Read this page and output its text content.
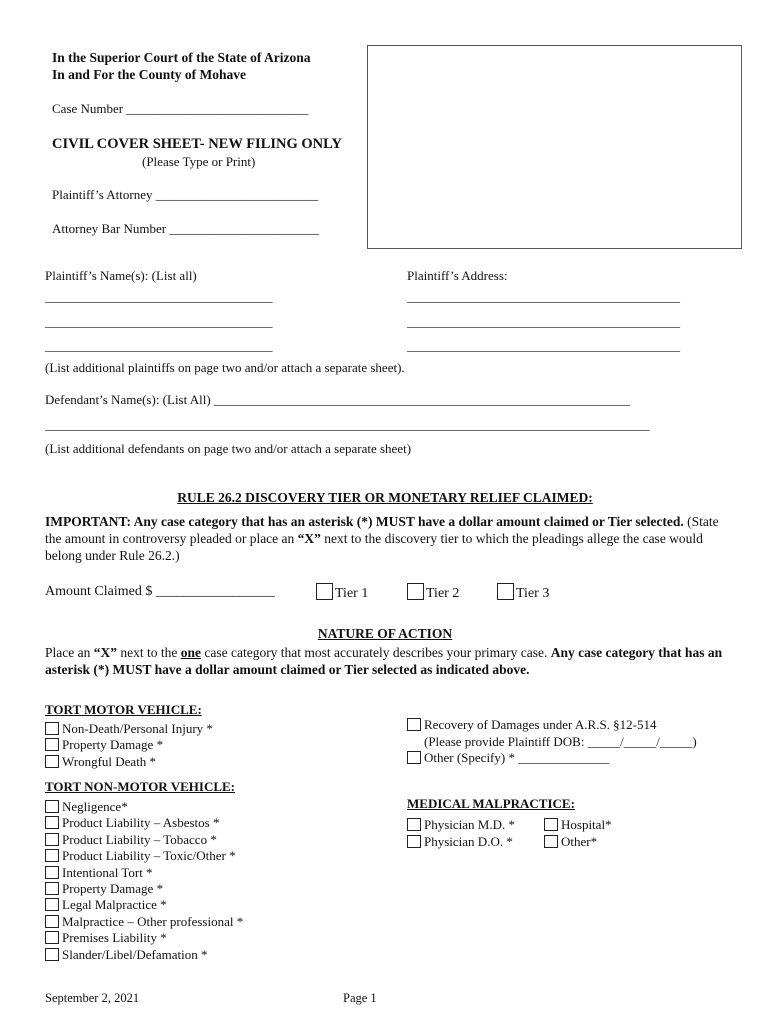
In the Superior Court of the State of Arizona
In and For the County of Mohave
Case Number ____________________________
CIVIL COVER SHEET- NEW FILING ONLY
(Please Type or Print)
Plaintiff’s Attorney _________________________
Attorney Bar Number _______________________
Plaintiff’s Name(s): (List all)	Plaintiff’s Address:
___________________________________	__________________________________________
___________________________________	__________________________________________
___________________________________	__________________________________________
(List additional plaintiffs on page two and/or attach a separate sheet).
Defendant’s Name(s): (List All) ________________________________________________________________
_____________________________________________________________________________________________
(List additional defendants on page two and/or attach a separate sheet)
RULE 26.2 DISCOVERY TIER OR MONETARY RELIEF CLAIMED:
IMPORTANT: Any case category that has an asterisk (*) MUST have a dollar amount claimed or Tier selected. (State the amount in controversy pleaded or place an “X” next to the discovery tier to which the pleadings allege the case would belong under Rule 26.2.)
Amount Claimed $ _________________	Tier 1	Tier 2	Tier 3
NATURE OF ACTION
Place an “X” next to the one case category that most accurately describes your primary case. Any case category that has an asterisk (*) MUST have a dollar amount claimed or Tier selected as indicated above.
TORT MOTOR VEHICLE:
Non-Death/Personal Injury *
Property Damage *
Wrongful Death *
Recovery of Damages under A.R.S. §12-514
(Please provide Plaintiff DOB: _____/_____/_____)
Other (Specify) * ______________
TORT NON-MOTOR VEHICLE:
Negligence*
Product Liability – Asbestos *
Product Liability – Tobacco *
Product Liability – Toxic/Other *
Intentional Tort *
Property Damage *
Legal Malpractice *
Malpractice – Other professional *
Premises Liability *
Slander/Libel/Defamation *
MEDICAL MALPRACTICE:
Physician M.D. *	Hospital*
Physician D.O. *	Other*
September 2, 2021	Page 1
